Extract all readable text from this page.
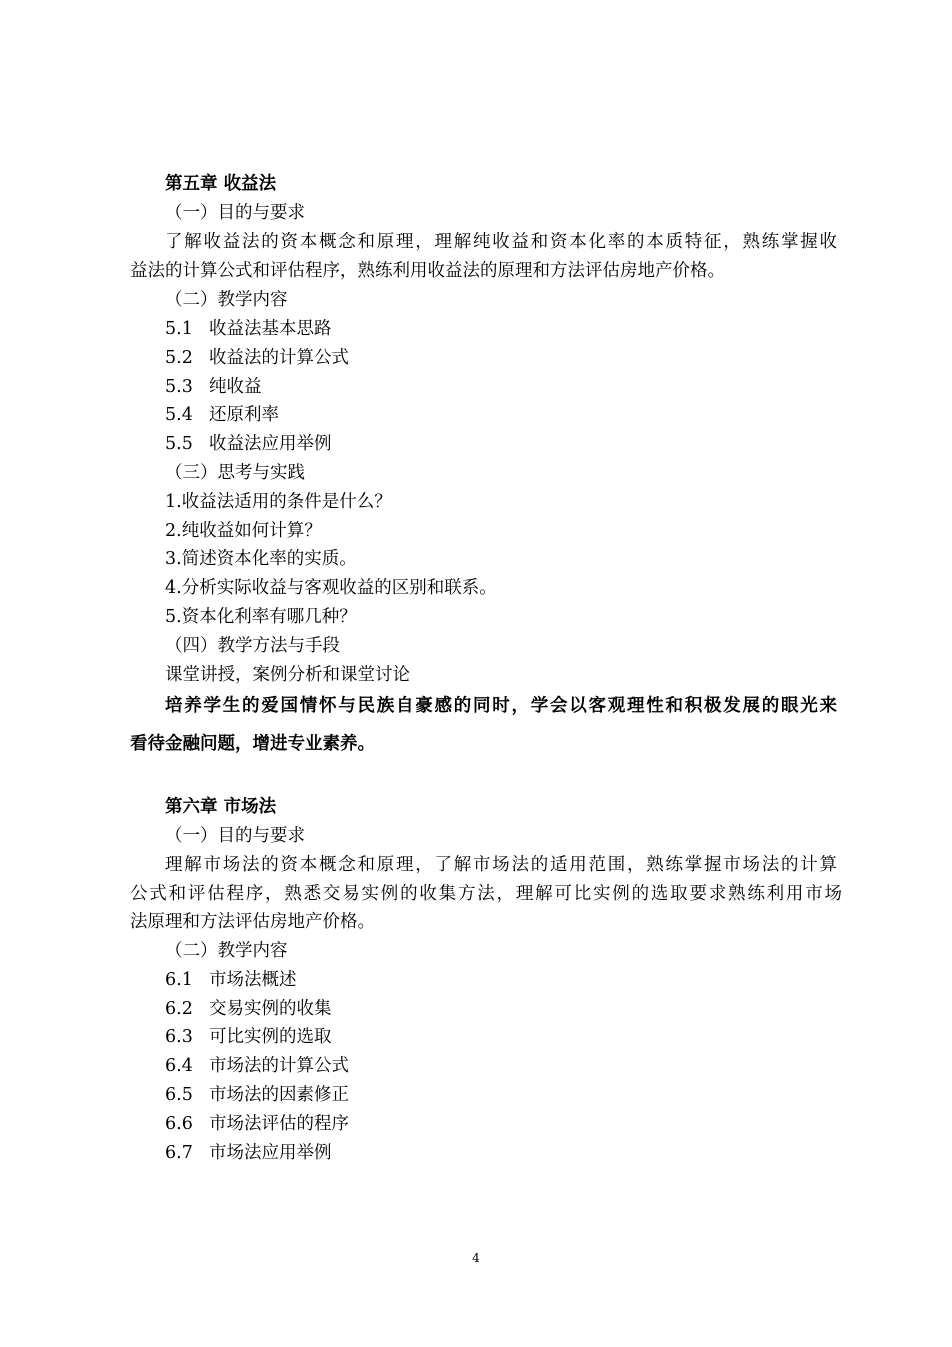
第五章 收益法
（一）目的与要求
了解收益法的资本概念和原理，理解纯收益和资本化率的本质特征，熟练掌握收
益法的计算公式和评估程序，熟练利用收益法的原理和方法评估房地产价格。
（二）教学内容
5.1 收益法基本思路
5.2 收益法的计算公式
5.3 纯收益
5.4 还原利率
5.5 收益法应用举例
（三）思考与实践
1.收益法适用的条件是什么？
2.纯收益如何计算？
3.简述资本化率的实质。
4.分析实际收益与客观收益的区别和联系。
5.资本化利率有哪几种？
（四）教学方法与手段
课堂讲授，案例分析和课堂讨论
培养学生的爱国情怀与民族自豪感的同时，学会以客观理性和积极发展的眼光来
看待金融问题，增进专业素养。
第六章 市场法
（一）目的与要求
理解市场法的资本概念和原理，了解市场法的适用范围，熟练掌握市场法的计算
公式和评估程序，熟悉交易实例的收集方法，理解可比实例的选取要求熟练利用市场
法原理和方法评估房地产价格。
（二）教学内容
6.1 市场法概述
6.2 交易实例的收集
6.3 可比实例的选取
6.4 市场法的计算公式
6.5 市场法的因素修正
6.6 市场法评估的程序
6.7 市场法应用举例
4
